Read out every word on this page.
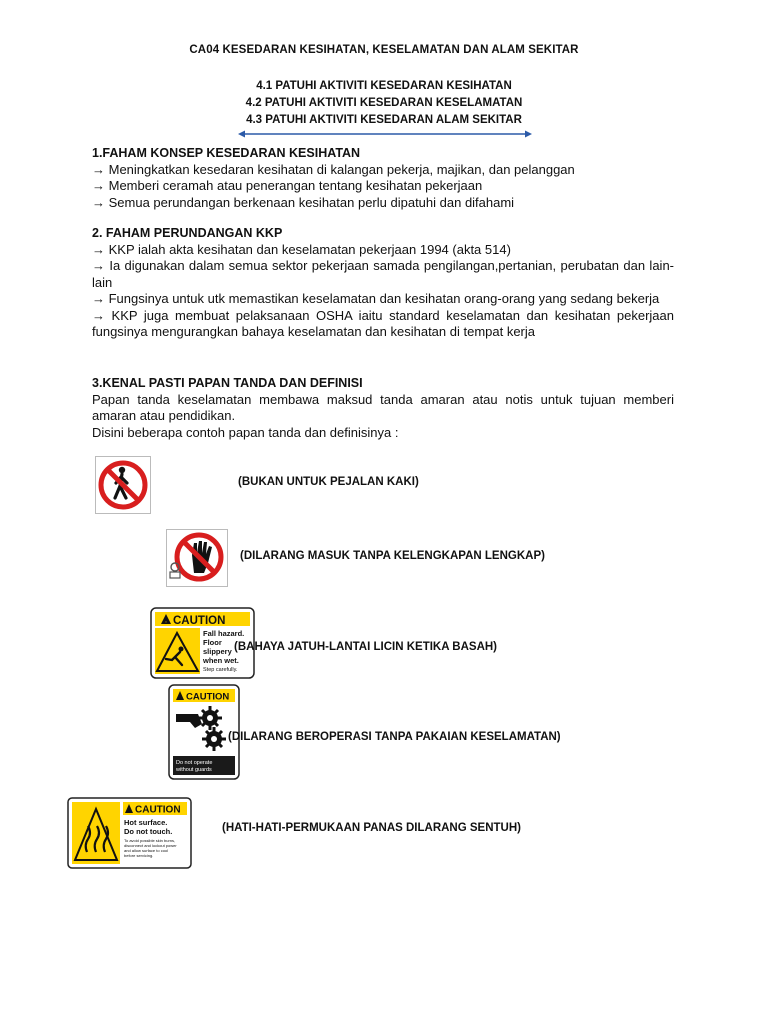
CA04 KESEDARAN KESIHATAN, KESELAMATAN DAN ALAM SEKITAR
4.1 PATUHI AKTIVITI KESEDARAN KESIHATAN
4.2 PATUHI AKTIVITI KESEDARAN KESELAMATAN
4.3 PATUHI AKTIVITI KESEDARAN ALAM SEKITAR
1.FAHAM KONSEP KESEDARAN KESIHATAN
→ Meningkatkan kesedaran kesihatan di kalangan pekerja, majikan, dan pelanggan
→ Memberi ceramah atau penerangan tentang kesihatan pekerjaan
→ Semua perundangan berkenaan kesihatan perlu dipatuhi dan difahami
2. FAHAM PERUNDANGAN KKP
→ KKP ialah akta kesihatan dan keselamatan pekerjaan 1994 (akta 514)
→ Ia digunakan dalam semua sektor pekerjaan samada pengilangan,pertanian, perubatan dan lain-lain
→ Fungsinya untuk utk memastikan keselamatan dan kesihatan orang-orang yang sedang bekerja
→ KKP juga membuat pelaksanaan OSHA iaitu standard keselamatan dan kesihatan pekerjaan fungsinya mengurangkan bahaya keselamatan dan kesihatan di tempat kerja
3.KENAL PASTI PAPAN TANDA DAN DEFINISI
Papan tanda keselamatan membawa maksud tanda amaran atau notis untuk tujuan memberi amaran atau pendidikan.
Disini beberapa contoh papan tanda dan definisinya :
(BUKAN UNTUK PEJALAN KAKI)
(DILARANG MASUK TANPA KELENGKAPAN LENGKAP)
! CAUTION
Fall hazard.
Floor
slippery
when wet.
Step carefully.
(BAHAYA JATUH-LANTAI LICIN KETIKA BASAH)
CAUTION
Do not operate
without guards
(DILARANG BEROPERASI TANPA PAKAIAN KESELAMATAN)
CAUTION
Hot surface.
Do not touch.
To avoid possible skin burns,
disconnect and lockout power
and allow surface to cool
before servicing.
(HATI-HATI-PERMUKAAN PANAS DILARANG SENTUH)
